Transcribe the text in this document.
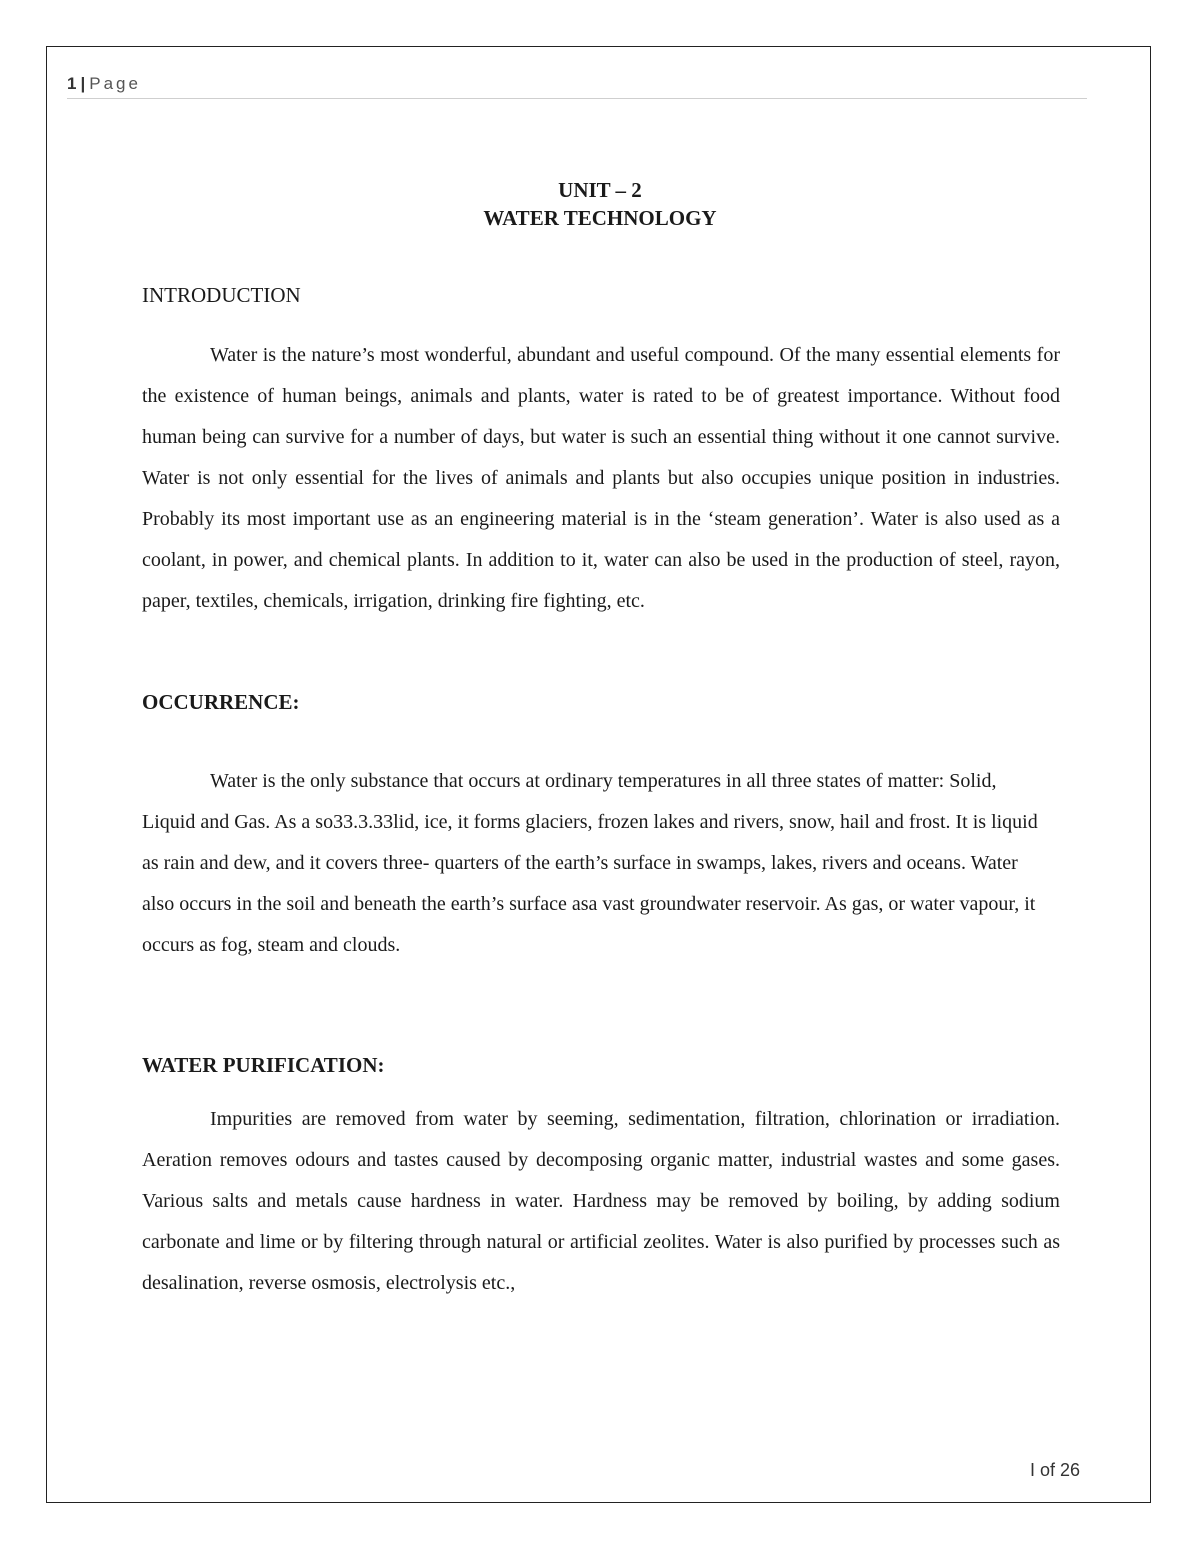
1 | Page
UNIT – 2
WATER TECHNOLOGY
INTRODUCTION

Water is the nature’s most wonderful, abundant and useful compound. Of the many essential elements for the existence of human beings, animals and plants, water is rated to be of greatest importance. Without food human being can survive for a number of days, but water is such an essential thing without it one cannot survive. Water is not only essential for the lives of animals and plants but also occupies unique position in industries. Probably its most important use as an engineering material is in the ‘steam generation’. Water is also used as a coolant, in power, and chemical plants. In addition to it, water can also be used in the production of steel, rayon, paper, textiles, chemicals, irrigation, drinking fire fighting, etc.

OCCURRENCE:

Water is the only substance that occurs at ordinary temperatures in all three states of matter: Solid, Liquid and Gas. As a so33.3.33lid, ice, it forms glaciers, frozen lakes and rivers, snow, hail and frost. It is liquid as rain and dew, and it covers three- quarters of the earth’s surface in swamps, lakes, rivers and oceans. Water also occurs in the soil and beneath the earth’s surface asa vast groundwater reservoir. As gas, or water vapour, it occurs as fog, steam and clouds.

WATER PURIFICATION:

Impurities are removed from water by seeming, sedimentation, filtration, chlorination or irradiation. Aeration removes odours and tastes caused by decomposing organic matter, industrial wastes and some gases. Various salts and metals cause hardness in water. Hardness may be removed by boiling, by adding sodium carbonate and lime or by filtering through natural or artificial zeolites. Water is also purified by processes such as desalination, reverse osmosis, electrolysis etc.,

I of 26
